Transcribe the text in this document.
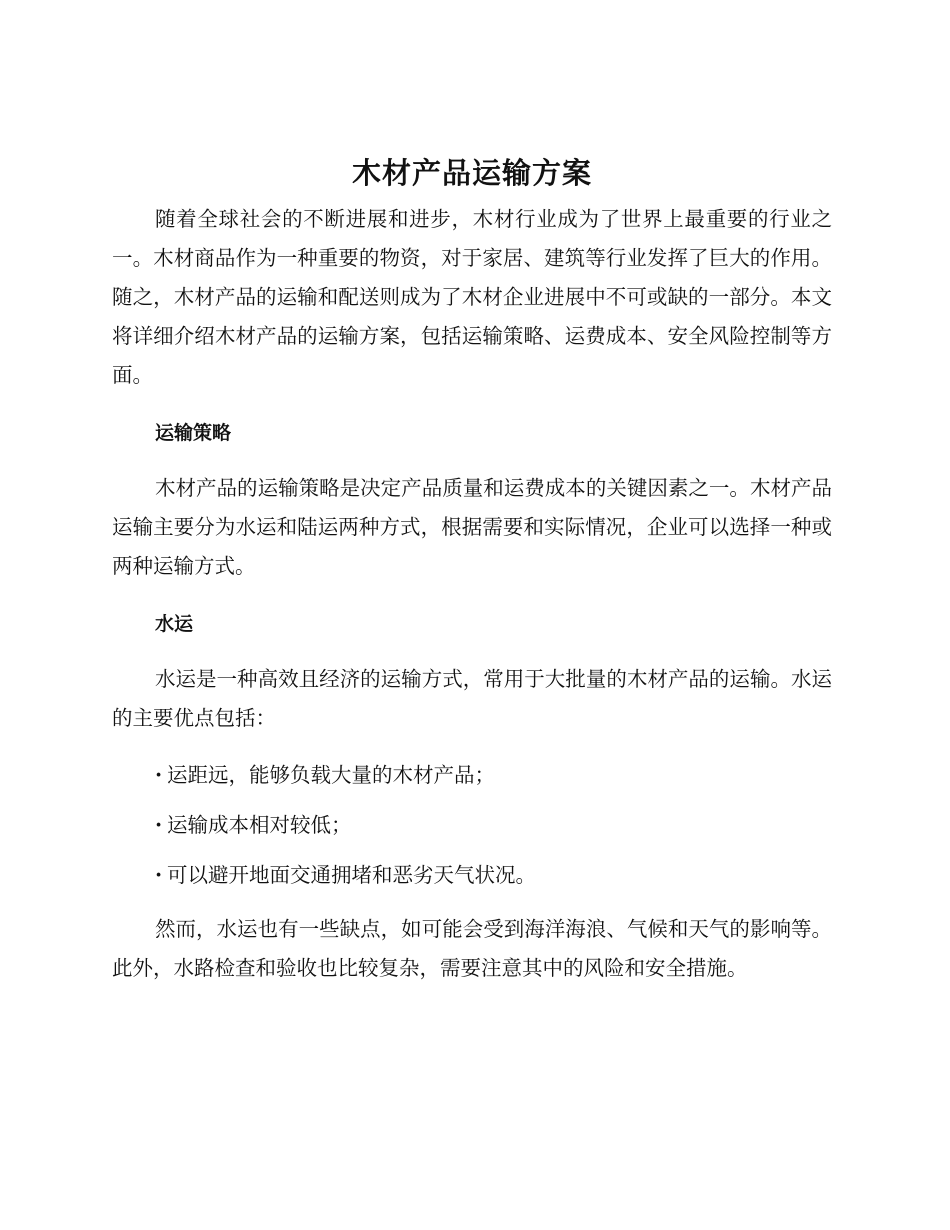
木材产品运输方案

随着全球社会的不断进展和进步，木材行业成为了世界上最重要的行业之一。木材商品作为一种重要的物资，对于家居、建筑等行业发挥了巨大的作用。随之，木材产品的运输和配送则成为了木材企业进展中不可或缺的一部分。本文将详细介绍木材产品的运输方案，包括运输策略、运费成本、安全风险控制等方面。

运输策略

木材产品的运输策略是决定产品质量和运费成本的关键因素之一。木材产品运输主要分为水运和陆运两种方式，根据需要和实际情况，企业可以选择一种或两种运输方式。

水运

水运是一种高效且经济的运输方式，常用于大批量的木材产品的运输。水运的主要优点包括：

· 运距远，能够负载大量的木材产品；
· 运输成本相对较低；
· 可以避开地面交通拥堵和恶劣天气状况。

然而，水运也有一些缺点，如可能会受到海洋海浪、气候和天气的影响等。此外，水路检查和验收也比较复杂，需要注意其中的风险和安全措施。
